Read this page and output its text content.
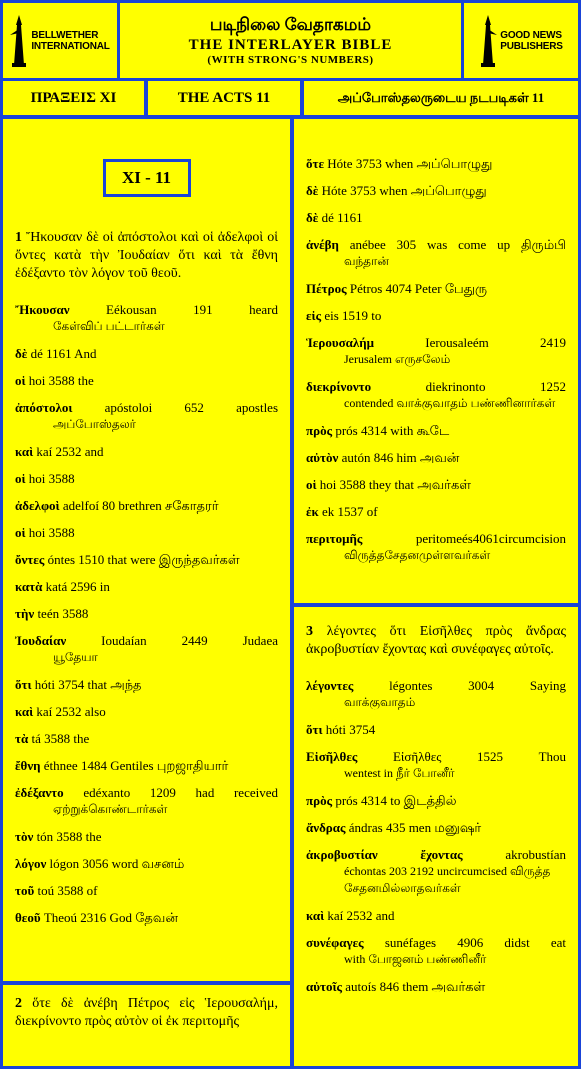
BELLWETHER
INTERNATIONAL
படிநிலை வேதாகமம்
THE INTERLAYER BIBLE
(WITH STRONG'S NUMBERS)
GOOD NEWS
PUBLISHERS
ΠΡΑΞΕΙΣ XI	THE ACTS 11	அப்போஸ்தலருடைய நடபடிகள் 11
XI - 11
1 Ἤκουσαν δὲ οἱ ἀπόστολοι καὶ οἱ ἀδελφοὶ οἱ ὄντες κατὰ τὴν Ἰουδαίαν ὅτι καὶ τὰ ἔθνη ἐδέξαντο τὸν λόγον τοῦ θεοῦ.
Ἤκουσαν	Eékousan 191 heard
கேள்விப் பட்டார்கள்
δὲ dé 1161 And
οἱ hoi 3588 the
ἀπόστολοι apóstoloi 652 apostles
அப்போஸ்தலர்
καὶ kaí 2532 and
οἱ hoi 3588
ἀδελφοὶ adelfoí 80 brethren சகோதரர்
οἱ hoi 3588
ὄντες óntes 1510 that were இருந்தவர்கள்
κατὰ katá 2596 in
τὴν teén 3588
Ἰουδαίαν	Ioudaían 2449 Judaea
யூதேயா
ὅτι hóti 3754 that அந்த
καὶ kaí 2532 also
τὰ tá 3588 the
ἔθνη éthnee 1484 Gentiles புறஜாதியார்
ἐδέξαντο edéxanto 1209 had received
ஏற்றுக்கொண்டார்கள்
τὸν tón 3588 the
λόγον lógon 3056 word வசனம்
τοῦ toú 3588 of
θεοῦ Theoú 2316 God தேவன்
2 ὅτε δὲ ἀνέβη Πέτρος εἰς Ἱερουσαλήμ, διεκρίνοντο πρὸς αὐτὸν οἱ ἐκ περιτομῆς
ὅτε Hóte 3753 when அப்பொழுது
δὲ Hóte 3753 when அப்பொழுது
δὲ dé 1161
ἀνέβη anébee 305 was come up திரும்பி
வந்தான்
Πέτρος Pétros 4074 Peter பேதுரு
εἰς eis 1519 to
Ἱερουσαλήμ	Ierousaleém 2419
Jerusalem எருசலேம்
διεκρίνοντο	diekrinonto 1252
contended வாக்குவாதம் பண்ணினார்கள்
πρὸς prós 4314 with கூடே
αὐτὸν autón 846 him அவன்
οἱ hoi 3588 they that அவர்கள்
ἐκ ek 1537 of
περιτομῆς	peritomeés4061circumcision
விருத்தசேதனமுள்ளவர்கள்
3 λέγοντες ὅτι Εἰσῆλθες πρὸς ἄνδρας ἀκροβυστίαν ἔχοντας καὶ συνέφαγες αὐτοῖς.
λέγοντες	légontes 3004 Saying
வாக்குவாதம்
ὅτι hóti 3754
Εἰσῆλθες	Εἰσῆλθες 1525 Thou
wentest in நீர் போனீர்
πρὸς prós 4314 to இடத்தில்
ἄνδρας ándras 435 men மனுஷர்
ἀκροβυστίαν ἔχοντας	akrobustían
échontas 203 2192 uncircumcised விருத்த சேதனமில்லாதவர்கள்
καὶ kaí 2532 and
συνέφαγες sunéfages 4906 didst eat
with போஜனம் பண்ணினீர்
αὐτοῖς autoís 846 them அவர்கள்
